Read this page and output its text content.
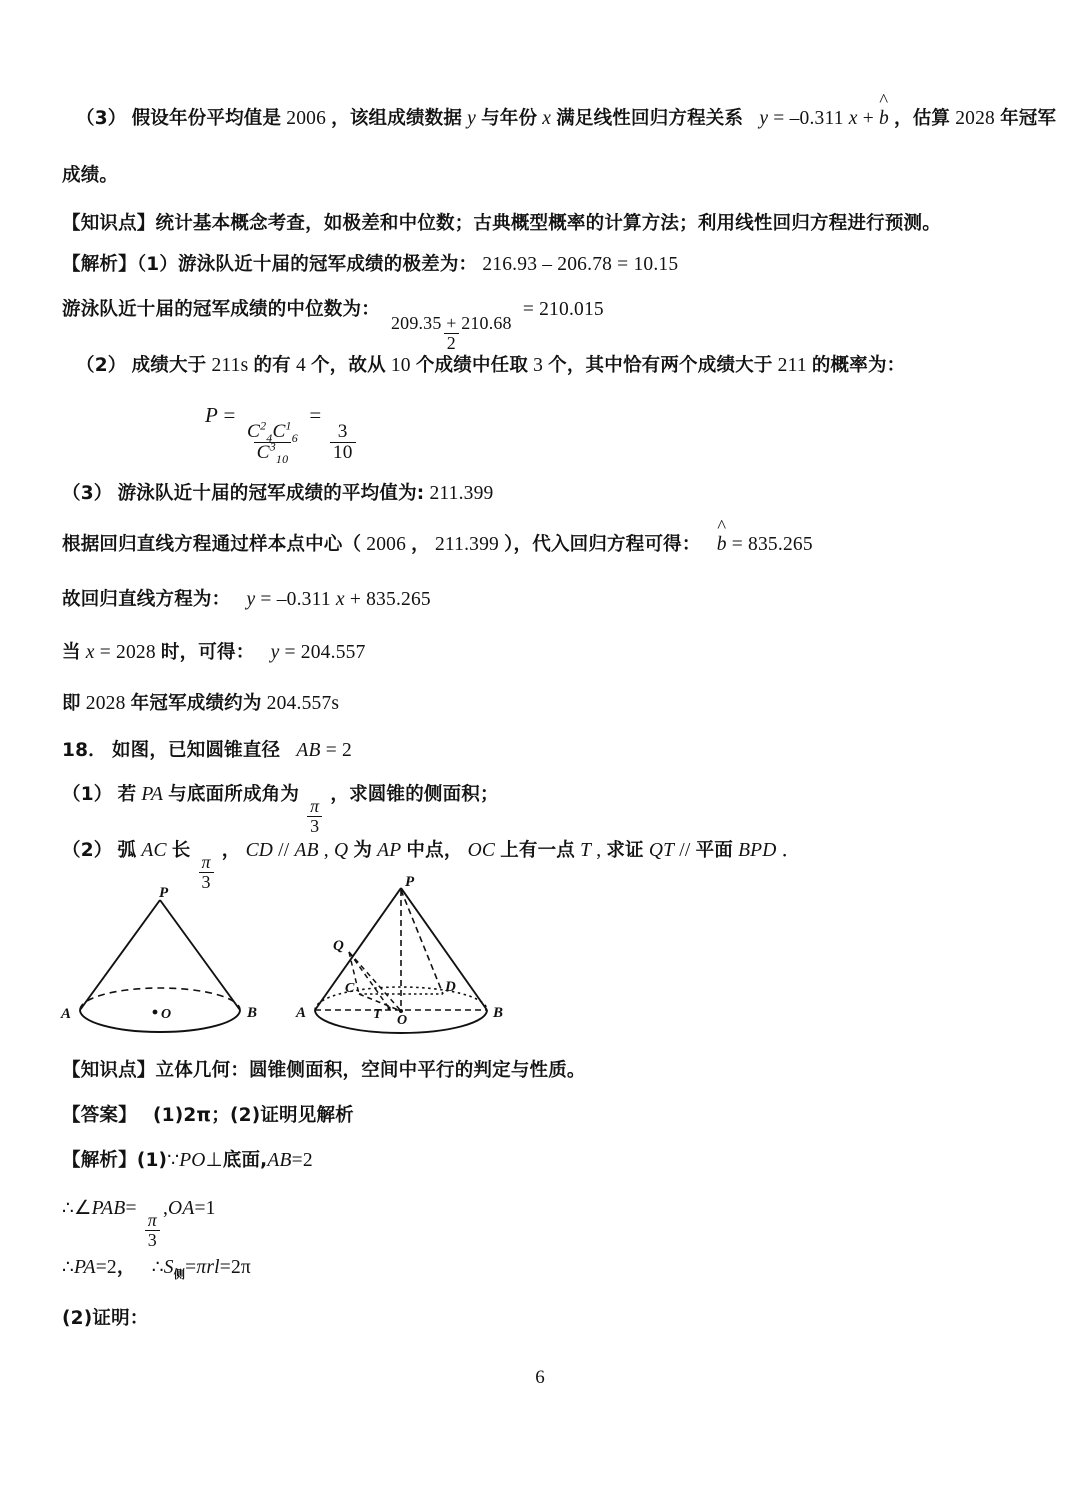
（3） 假设年份平均值是 2006 ，该组成绩数据 y 与年份 x 满足线性回归方程关系 y = –0.311 x + b ^ ，估算 2028 年冠军
成绩。
【知识点】统计基本概念考查，如极差和中位数；古典概型概率的计算方法；利用线性回归方程进行预测。
【解析】（1）游泳队近十届的冠军成绩的极差为： 216.93 – 206.78 = 10.15
游泳队近十届的冠军成绩的中位数为：
$\frac{209.35 + 210.68}{2}$
= 210.015
（2） 成绩大于 211s 的有 4 个，故从 10 个成绩中任取 3 个，其中恰有两个成绩大于 211 的概率为：
P =
$\frac{C^2_4C^1_6}{C^3_{10}}$
=
$\frac{3}{10}$
（3） 游泳队近十届的冠军成绩的平均值为: 211.399
根据回归直线方程通过样本点中心（ 2006 ， 211.399 ），代入回归方程可得： b ^ = 835.265
故回归直线方程为： y = –0.311 x + 835.265
当 x = 2028 时，可得： y = 204.557
即 2028 年冠军成绩约为 204.557s
18． 如图，已知圆锥直径 AB = 2
（1） 若 PA 与底面所成角为
$\frac{\pi}{3}$
，求圆锥的侧面积；
（2） 弧 AC 长
$\frac{\pi}{3}$
， CD // AB , Q 为 AP 中点， OC 上有一点 T , 求证 QT // 平面 BPD ．
P
A	O	B
P
Q
C	D
A	T O	B
【知识点】立体几何：圆锥侧面积，空间中平行的判定与性质。
【答案】 (1)2π；(2)证明见解析
【解析】(1)∵PO⊥底面,AB=2
∴∠PAB=
$\frac{\pi}{3}$
,OA=1
∴PA=2， $\therefore S_侧=\pi rl=2\pi$
(2)证明：
6
